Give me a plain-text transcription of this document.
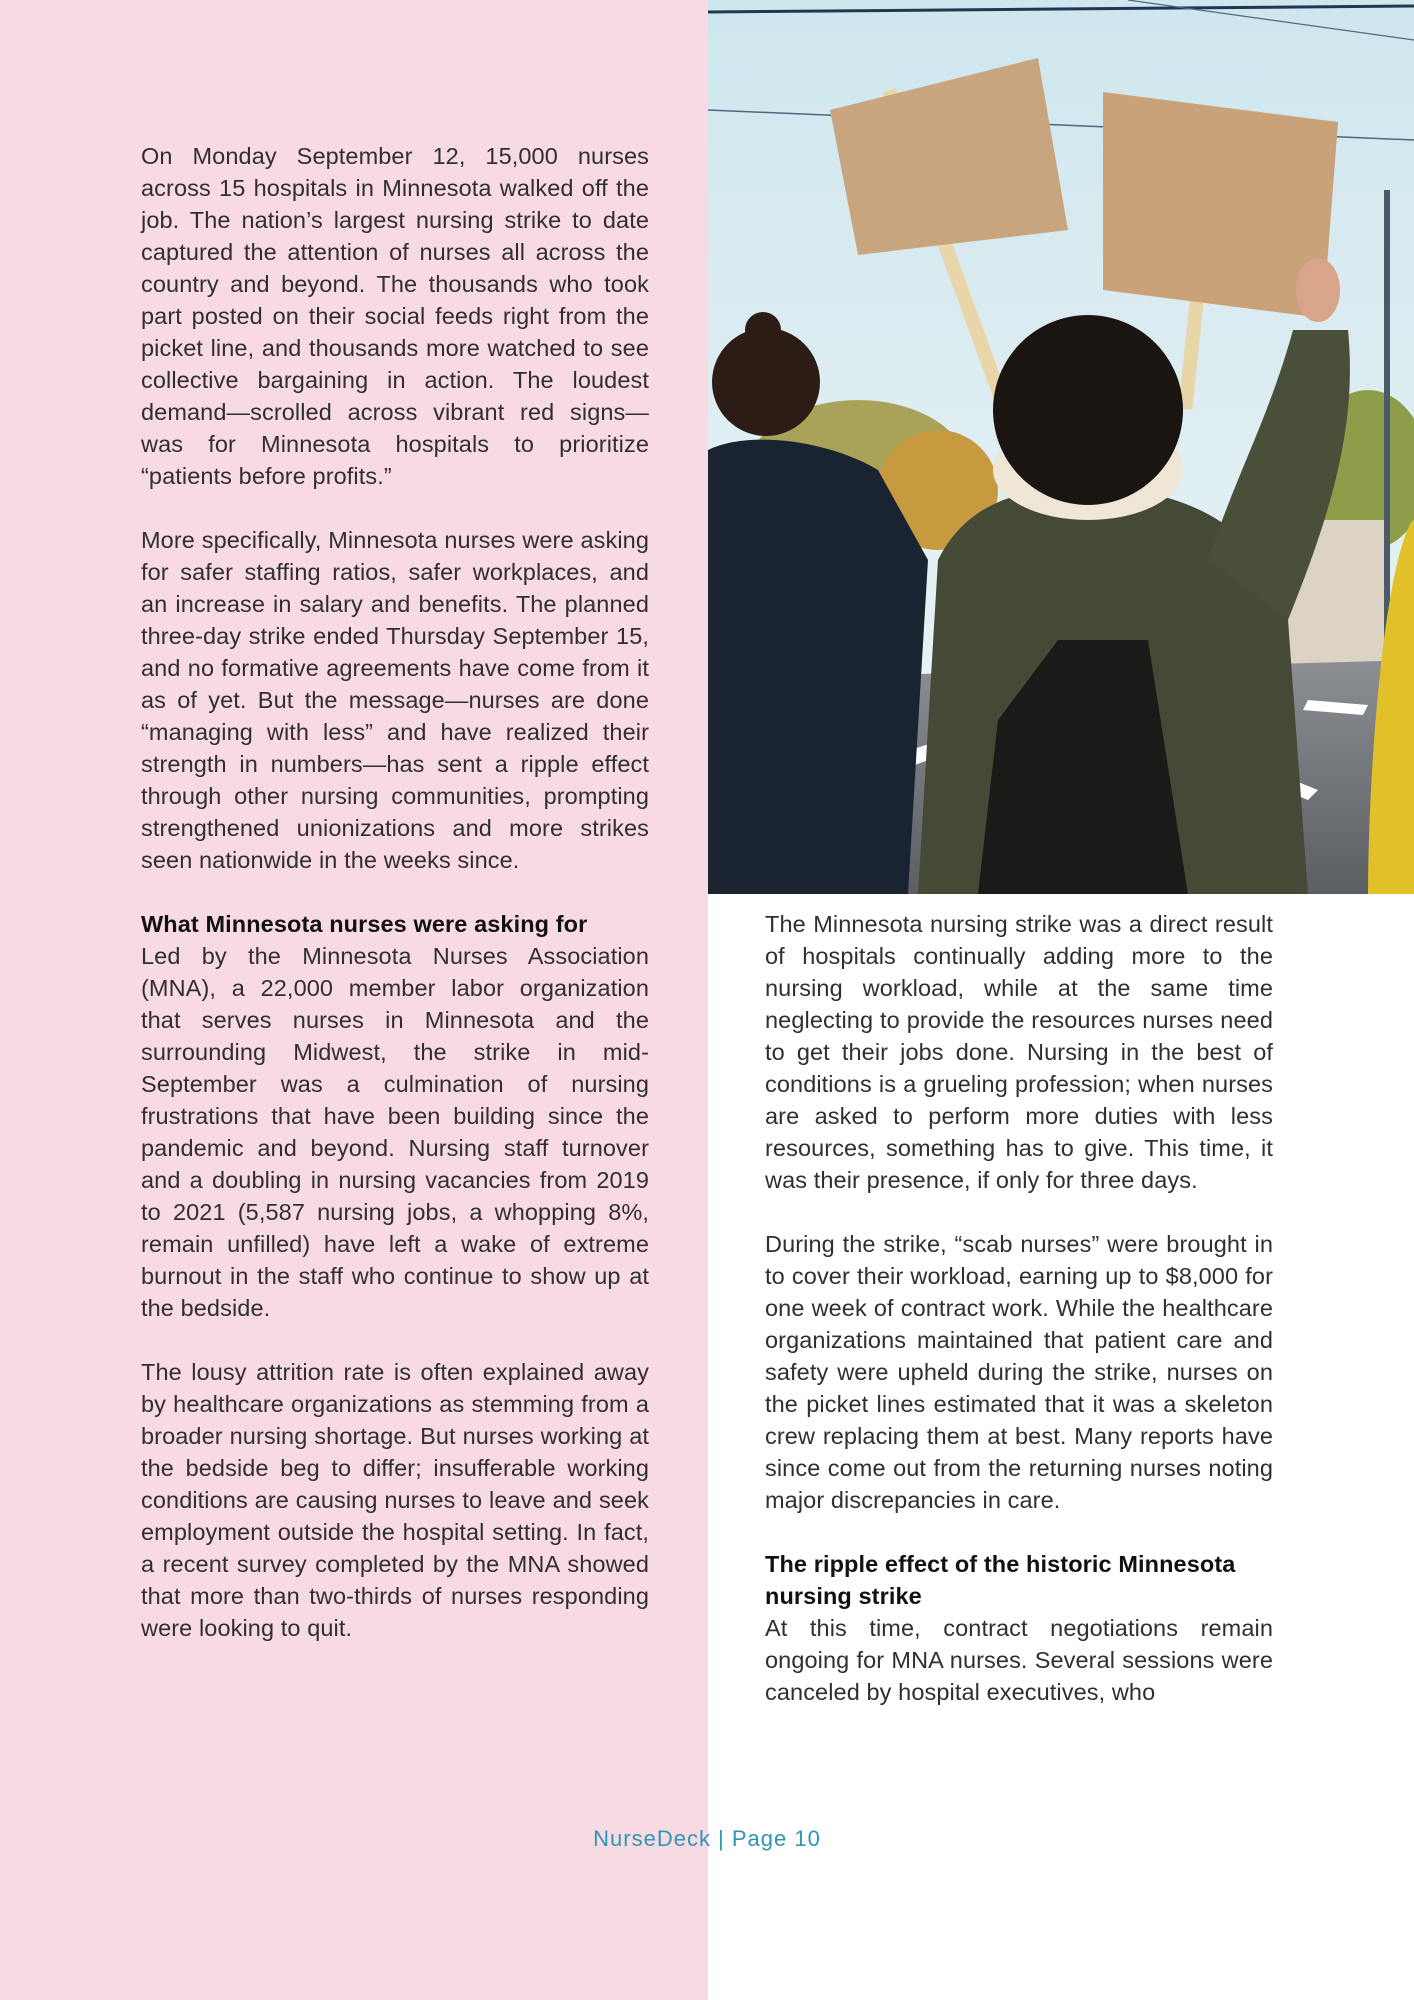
On Monday September 12, 15,000 nurses across 15 hospitals in Minnesota walked off the job. The nation’s largest nursing strike to date captured the attention of nurses all across the country and beyond. The thousands who took part posted on their social feeds right from the picket line, and thousands more watched to see collective bargaining in action. The loudest demand—scrolled across vibrant red signs—was for Minnesota hospitals to prioritize “patients before profits.”

More specifically, Minnesota nurses were asking for safer staffing ratios, safer workplaces, and an increase in salary and benefits. The planned three-day strike ended Thursday September 15, and no formative agreements have come from it as of yet. But the message—nurses are done “managing with less” and have realized their strength in numbers—has sent a ripple effect through other nursing communities, prompting strengthened unionizations and more strikes seen nationwide in the weeks since.

What Minnesota nurses were asking for

Led by the Minnesota Nurses Association (MNA), a 22,000 member labor organization that serves nurses in Minnesota and the surrounding Midwest, the strike in mid-September was a culmination of nursing frustrations that have been building since the pandemic and beyond. Nursing staff turnover and a doubling in nursing vacancies from 2019 to 2021 (5,587 nursing jobs, a whopping 8%, remain unfilled) have left a wake of extreme burnout in the staff who continue to show up at the bedside.

The lousy attrition rate is often explained away by healthcare organizations as stemming from a broader nursing shortage. But nurses working at the bedside beg to differ; insufferable working conditions are causing nurses to leave and seek employment outside the hospital setting. In fact, a recent survey completed by the MNA showed that more than two-thirds of nurses responding were looking to quit.

The Minnesota nursing strike was a direct result of hospitals continually adding more to the nursing workload, while at the same time neglecting to provide the resources nurses need to get their jobs done. Nursing in the best of conditions is a grueling profession; when nurses are asked to perform more duties with less resources, something has to give. This time, it was their presence, if only for three days.

During the strike, “scab nurses” were brought in to cover their workload, earning up to $8,000 for one week of contract work. While the healthcare organizations maintained that patient care and safety were upheld during the strike, nurses on the picket lines estimated that it was a skeleton crew replacing them at best. Many reports have since come out from the returning nurses noting major discrepancies in care.

The ripple effect of the historic Minnesota nursing strike

At this time, contract negotiations remain ongoing for MNA nurses. Several sessions were canceled by hospital executives, who

NurseDeck | Page 10
